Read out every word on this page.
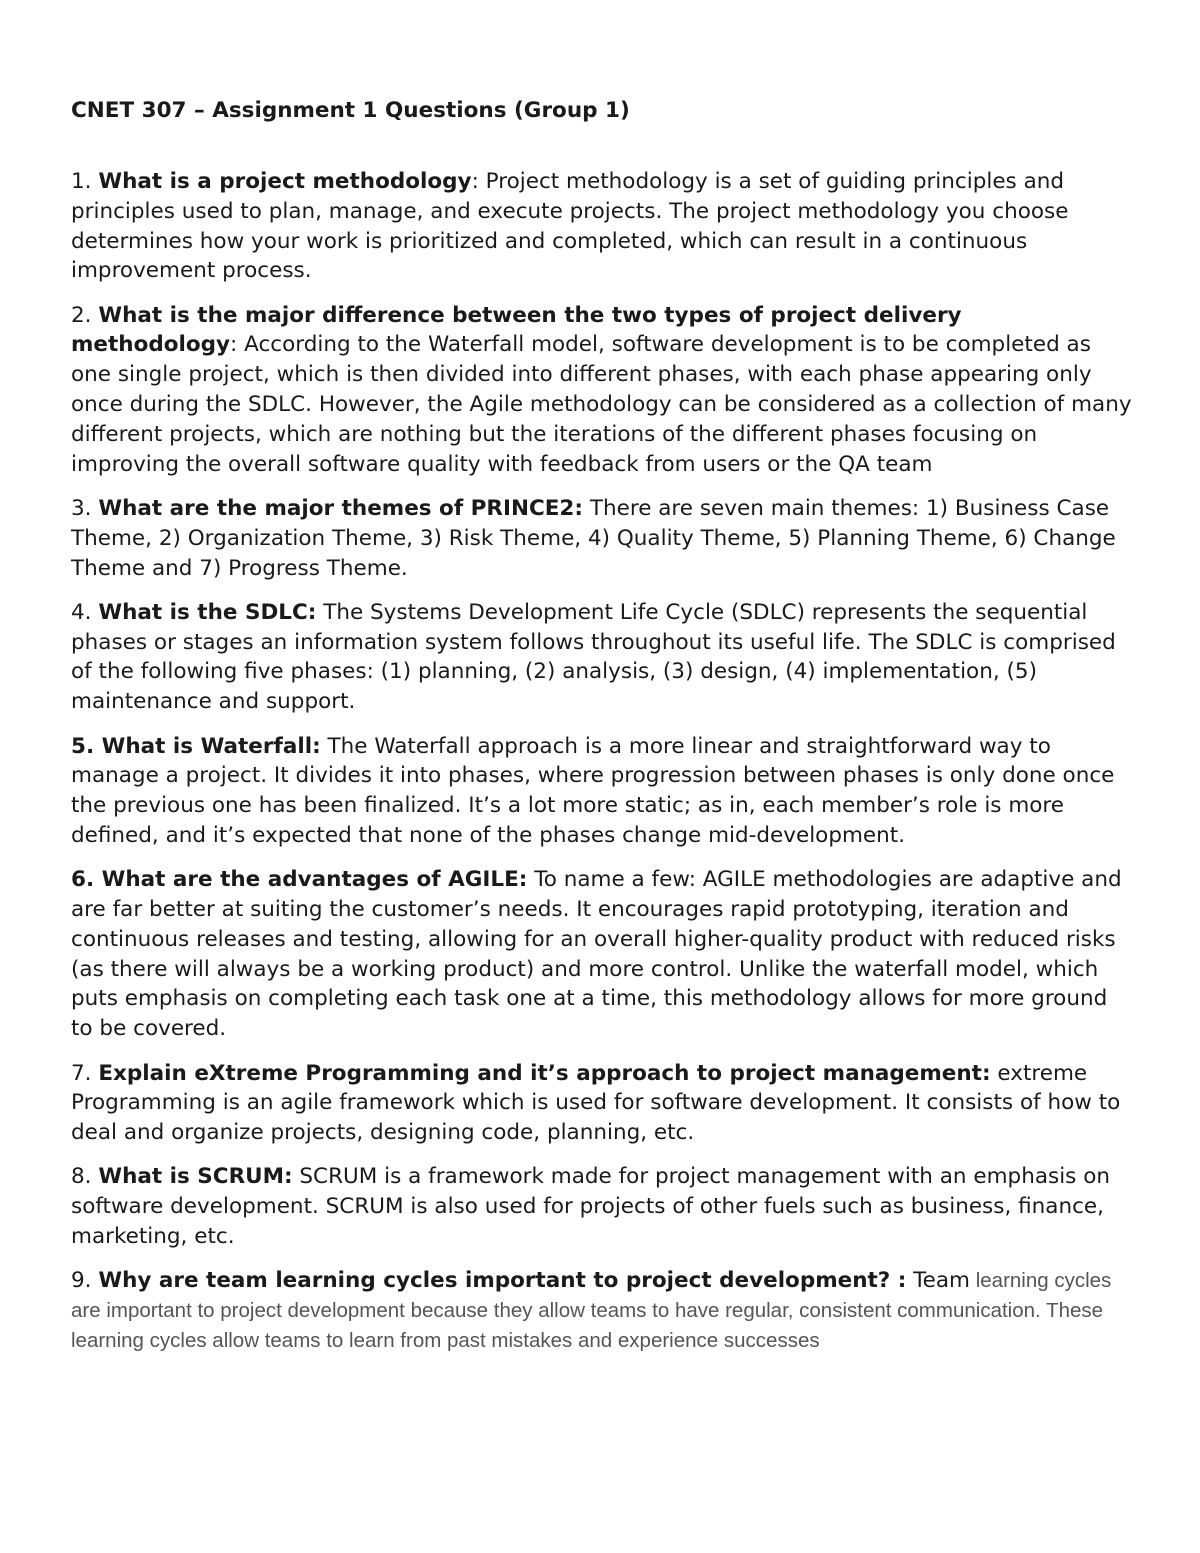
CNET 307 – Assignment 1 Questions (Group 1)

1. What is a project methodology: Project methodology is a set of guiding principles and principles used to plan, manage, and execute projects. The project methodology you choose determines how your work is prioritized and completed, which can result in a continuous improvement process.

2. What is the major difference between the two types of project delivery methodology: According to the Waterfall model, software development is to be completed as one single project, which is then divided into different phases, with each phase appearing only once during the SDLC. However, the Agile methodology can be considered as a collection of many different projects, which are nothing but the iterations of the different phases focusing on improving the overall software quality with feedback from users or the QA team

3. What are the major themes of PRINCE2: There are seven main themes: 1) Business Case Theme, 2) Organization Theme, 3) Risk Theme, 4) Quality Theme, 5) Planning Theme, 6) Change Theme and 7) Progress Theme.

4. What is the SDLC: The Systems Development Life Cycle (SDLC) represents the sequential phases or stages an information system follows throughout its useful life. The SDLC is comprised of the following five phases: (1) planning, (2) analysis, (3) design, (4) implementation, (5) maintenance and support.

5. What is Waterfall: The Waterfall approach is a more linear and straightforward way to manage a project. It divides it into phases, where progression between phases is only done once the previous one has been finalized. It’s a lot more static; as in, each member’s role is more defined, and it’s expected that none of the phases change mid-development.

6. What are the advantages of AGILE: To name a few: AGILE methodologies are adaptive and are far better at suiting the customer’s needs. It encourages rapid prototyping, iteration and continuous releases and testing, allowing for an overall higher-quality product with reduced risks (as there will always be a working product) and more control. Unlike the waterfall model, which puts emphasis on completing each task one at a time, this methodology allows for more ground to be covered.

7. Explain eXtreme Programming and it’s approach to project management: extreme Programming is an agile framework which is used for software development. It consists of how to deal and organize projects, designing code, planning, etc.

8. What is SCRUM: SCRUM is a framework made for project management with an emphasis on software development. SCRUM is also used for projects of other fuels such as business, finance, marketing, etc.

9. Why are team learning cycles important to project development? : Team learning cycles are important to project development because they allow teams to have regular, consistent communication. These learning cycles allow teams to learn from past mistakes and experience successes
